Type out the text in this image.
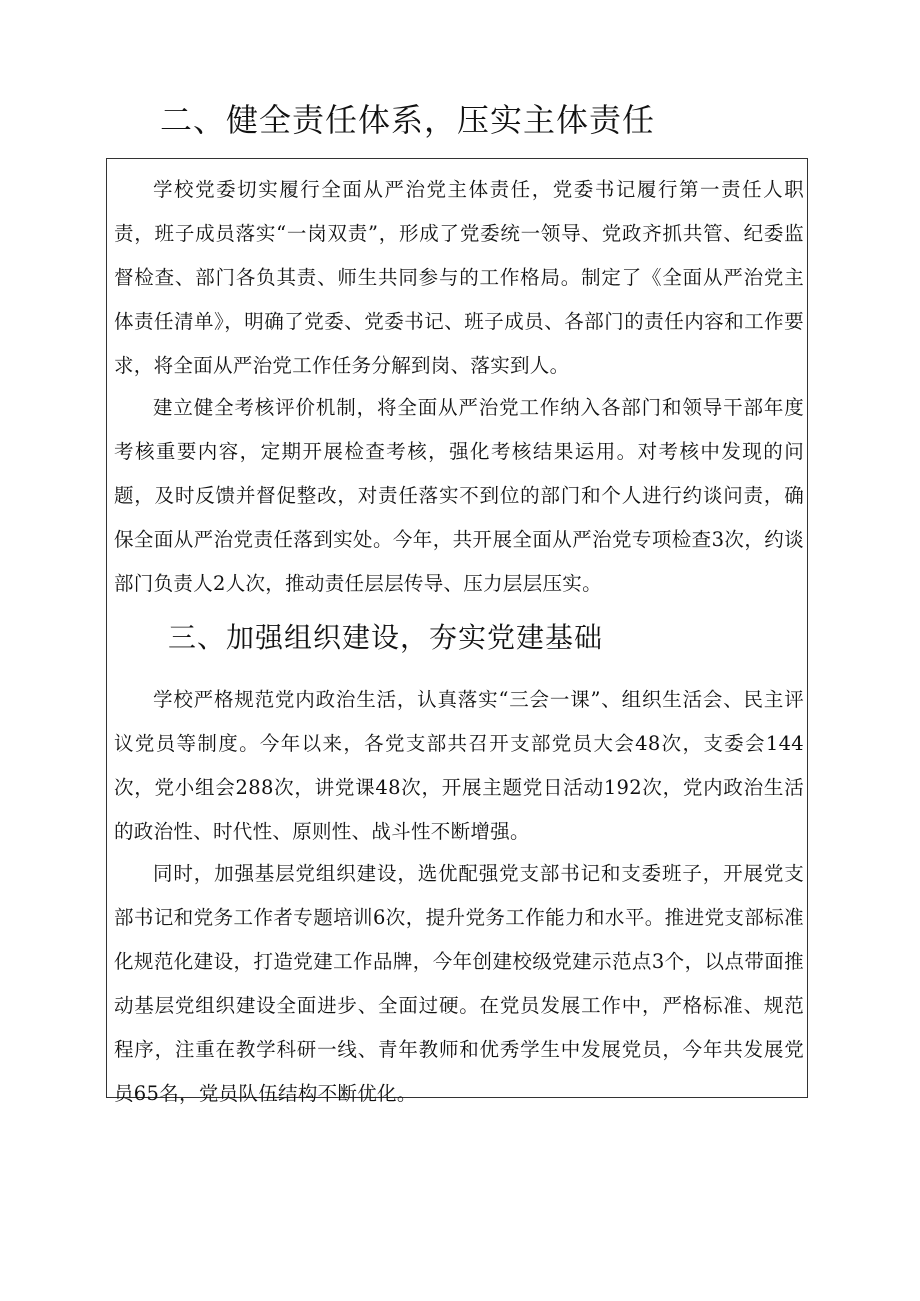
二、健全责任体系，压实主体责任

学校党委切实履行全面从严治党主体责任，党委书记履行第一责任人职责，班子成员落实“一岗双责”，形成了党委统一领导、党政齐抓共管、纪委监督检查、部门各负其责、师生共同参与的工作格局。制定了《全面从严治党主体责任清单》，明确了党委、党委书记、班子成员、各部门的责任内容和工作要求，将全面从严治党工作任务分解到岗、落实到人。

建立健全考核评价机制，将全面从严治党工作纳入各部门和领导干部年度考核重要内容，定期开展检查考核，强化考核结果运用。对考核中发现的问题，及时反馈并督促整改，对责任落实不到位的部门和个人进行约谈问责，确保全面从严治党责任落到实处。今年，共开展全面从严治党专项检查3次，约谈部门负责人2人次，推动责任层层传导、压力层层压实。

三、加强组织建设，夯实党建基础

学校严格规范党内政治生活，认真落实“三会一课”、组织生活会、民主评议党员等制度。今年以来，各党支部共召开支部党员大会48次，支委会144次，党小组会288次，讲党课48次，开展主题党日活动192次，党内政治生活的政治性、时代性、原则性、战斗性不断增强。

同时，加强基层党组织建设，选优配强党支部书记和支委班子，开展党支部书记和党务工作者专题培训6次，提升党务工作能力和水平。推进党支部标准化规范化建设，打造党建工作品牌，今年创建校级党建示范点3个，以点带面推动基层党组织建设全面进步、全面过硬。在党员发展工作中，严格标准、规范程序，注重在教学科研一线、青年教师和优秀学生中发展党员，今年共发展党员65名，党员队伍结构不断优化。
